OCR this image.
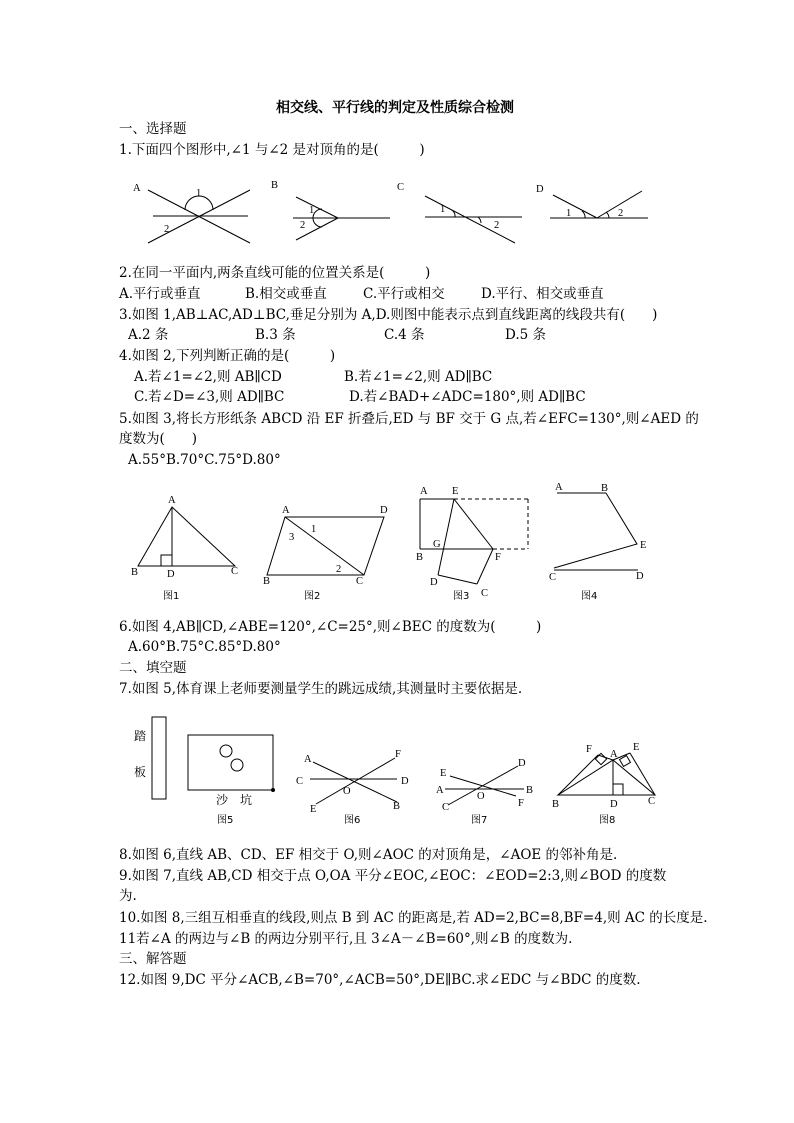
相交线、平行线的判定及性质综合检测
一、选择题
1.下面四个图形中,∠1 与∠2 是对顶角的是(　　　)
A	1
2
B
1
2
C
1
2
D
1	2
2.在同一平面内,两条直线可能的位置关系是(　　　)
A.平行或垂直	B.相交或垂直	C.平行或相交	D.平行、相交或垂直
3.如图 1,AB⊥AC,AD⊥BC,垂足分别为 A,D.则图中能表示点到直线距离的线段共有(　　)
A.2 条	B.3 条	C.4 条	D.5 条
4.如图 2,下列判断正确的是(　　　)
A.若∠1=∠2,则 AB∥CD	B.若∠1=∠2,则 AD∥BC
C.若∠D=∠3,则 AD∥BC	D.若∠BAD+∠ADC=180°,则 AD∥BC
5.如图 3,将长方形纸条 ABCD 沿 EF 折叠后,ED 与 BF 交于 G 点,若∠EFC=130°,则∠AED 的
度数为(　　)
A.55°B.70°C.75°D.80°
A
B	D	C
图1
A	D
B	C
1
3
2
图2
A E
G
B	F
D
C
图3
A	B
E
C	D
图4
6.如图 4,AB∥CD,∠ABE=120°,∠C=25°,则∠BEC 的度数为(　　　)
A.60°B.75°C.85°D.80°
二、填空题
7.如图 5,体育课上老师要测量学生的跳远成绩,其测量时主要依据是.
踏
板
沙　坑
图5
A	F
C	D
O
E	B
图6
E
D
A	B
O
C	F
图7
F A
E
B	D	C
图8
8.如图 6,直线 AB、CD、EF 相交于 O,则∠AOC 的对顶角是，∠AOE 的邻补角是.
9.如图 7,直线 AB,CD 相交于点 O,OA 平分∠EOC,∠EOC：∠EOD=2:3,则∠BOD 的度数
为.
10.如图 8,三组互相垂直的线段,则点 B 到 AC 的距离是,若 AD=2,BC=8,BF=4,则 AC 的长度是.
11若∠A 的两边与∠B 的两边分别平行,且 3∠A－∠B=60°,则∠B 的度数为.
三、解答题
12.如图 9,DC 平分∠ACB,∠B=70°,∠ACB=50°,DE∥BC.求∠EDC 与∠BDC 的度数.
